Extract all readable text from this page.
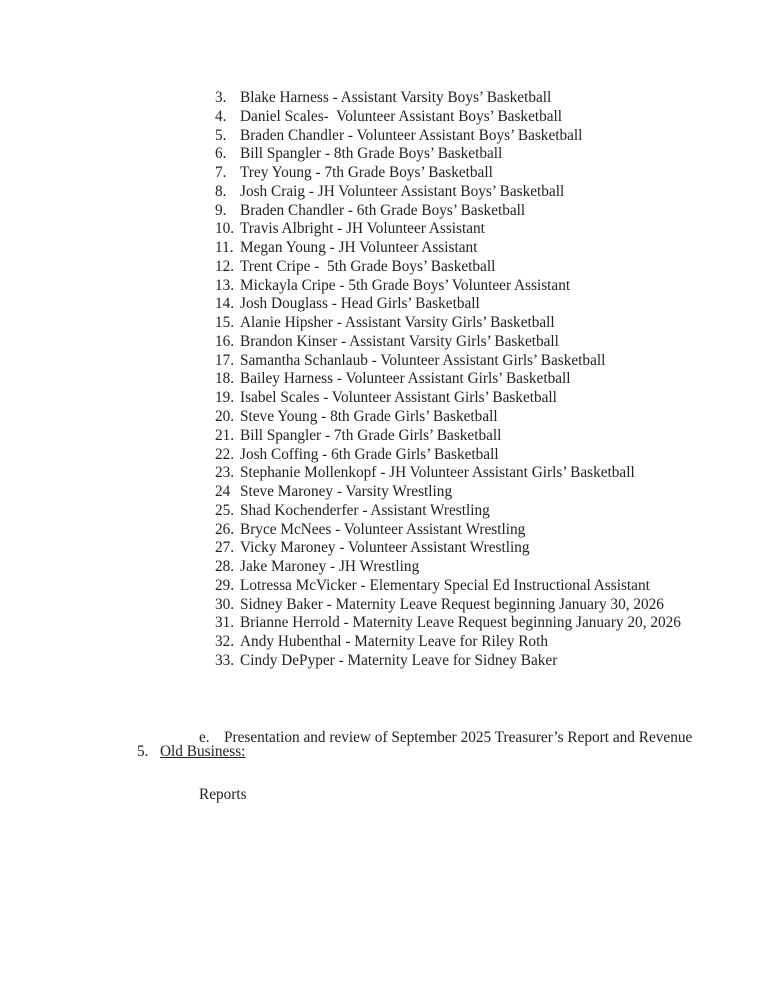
3. Blake Harness - Assistant Varsity Boys’ Basketball
4. Daniel Scales-  Volunteer Assistant Boys’ Basketball
5. Braden Chandler - Volunteer Assistant Boys’ Basketball
6. Bill Spangler - 8th Grade Boys’ Basketball
7. Trey Young - 7th Grade Boys’ Basketball
8. Josh Craig - JH Volunteer Assistant Boys’ Basketball
9. Braden Chandler - 6th Grade Boys’ Basketball
10. Travis Albright - JH Volunteer Assistant
11. Megan Young - JH Volunteer Assistant
12. Trent Cripe -  5th Grade Boys’ Basketball
13. Mickayla Cripe - 5th Grade Boys’ Volunteer Assistant
14. Josh Douglass - Head Girls’ Basketball
15. Alanie Hipsher - Assistant Varsity Girls’ Basketball
16. Brandon Kinser - Assistant Varsity Girls’ Basketball
17. Samantha Schanlaub - Volunteer Assistant Girls’ Basketball
18. Bailey Harness - Volunteer Assistant Girls’ Basketball
19. Isabel Scales - Volunteer Assistant Girls’ Basketball
20. Steve Young - 8th Grade Girls’ Basketball
21. Bill Spangler - 7th Grade Girls’ Basketball
22. Josh Coffing - 6th Grade Girls’ Basketball
23. Stephanie Mollenkopf - JH Volunteer Assistant Girls’ Basketball
24 Steve Maroney - Varsity Wrestling
25. Shad Kochenderfer - Assistant Wrestling
26. Bryce McNees - Volunteer Assistant Wrestling
27. Vicky Maroney - Volunteer Assistant Wrestling
28. Jake Maroney - JH Wrestling
29. Lotressa McVicker - Elementary Special Ed Instructional Assistant
30. Sidney Baker - Maternity Leave Request beginning January 30, 2026
31. Brianne Herrold - Maternity Leave Request beginning January 20, 2026
32. Andy Hubenthal - Maternity Leave for Riley Roth
33. Cindy DePyper - Maternity Leave for Sidney Baker

e. Presentation and review of September 2025 Treasurer’s Report and Revenue

Reports

5. Old Business:
